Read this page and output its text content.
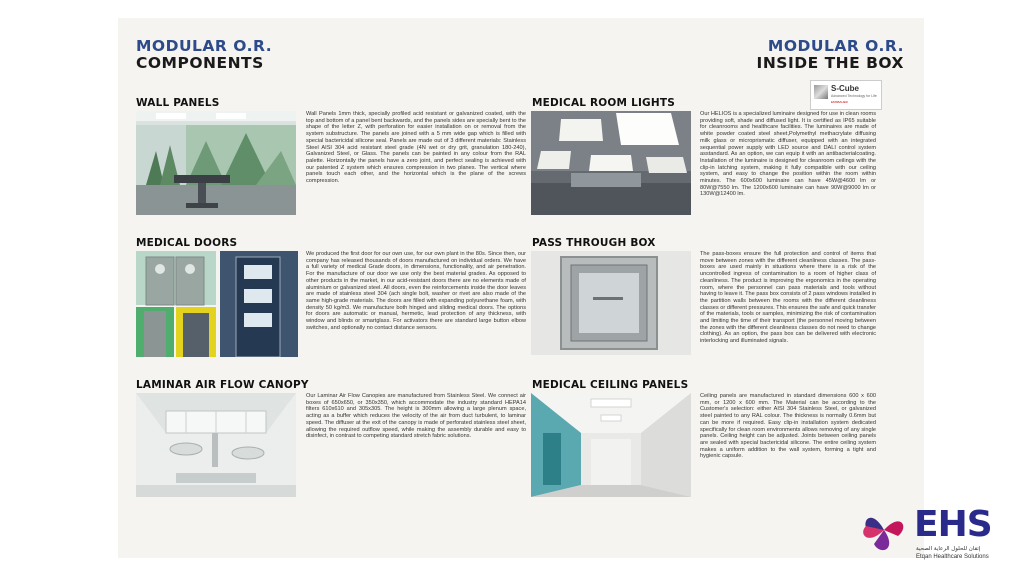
MODULAR O.R.
COMPONENTS
MODULAR O.R.
INSIDE THE BOX
S-Cube
Advanced Technology for Life
EMSBAUER
WALL PANELS
Wall Panels 1mm thick, specially profiled acid resistant or galvanized coated, with the top and bottom of a panel bent backwards, and the panels sides are specially bent to the shape of the letter Z, with perforation for easier installation on or removal from the system substructure. The panels are joined with a 5 mm wide gap which is filled with special bactericidal silicone seal. Panels are made out of 3 different materials: Stainless Steel AISI 304 acid resistant steel grade (4N wet or dry grit, granulation 180-240), Galvanized Steel, or Glass. The panels can be painted in any colour from the RAL palette. Horizontally the panels have a zero joint, and perfect sealing is achieved with our patented Z system which ensures compression in two planes. The vertical where panels touch each other, and the horizontal which is the plane of the screws compression.
MEDICAL DOORS
We produced the first door for our own use, for our own plant in the 80s. Since then, our company has released thousands of doors manufactured on individual orders. We have a full variety of medical Grade doors, in dimensions, functionality, and air penetration. For the manufacture of our door we use only the best material grades. As opposed to other products in the market, in our acid-resistant doors there are no elements made of aluminium or galvanized steel. All doors, even the reinforcements inside the door leaves are made of stainless steel 304 (ach single bolt, washer or rivet are also made of the same high-grade materials. The doors are filled with expanding polyurethane foam, with density 50 kg/m3. We manufacture both hinged and sliding medical doors. The options for doors are automatic or manual, hermetic, lead protection of any thickness, with window and blinds or smartglass. For activators there are standard large button elbow switches, and optionally no contact distance sensors.
LAMINAR AIR FLOW CANOPY
Our Laminar Air Flow Canopies are manufactured from Stainless Steel. We connect air boxes of 650x650, or 350x350, which accommodate the industry standard HEPA14 filters 610x610 and 305x305. The height is 300mm allowing a large plenum space, acting as a buffer which reduces the velocity of the air from duct turbulent, to laminar speed. The diffuser at the exit of the canopy is made of perforated stainless steel sheet, allowing the required outflow speed, while making the assembly durable and easy to disinfect, in contrast to competing standard stretch fabric solutions.
MEDICAL ROOM LIGHTS
Our HELIOS is a specialized luminaire designed for use in clean rooms providing soft, shade and diffused light. It is certified as IP65 suitable for cleanrooms and healthcare facilities. The luminaires are made of white powder coated steel sheet,Polymethyl methacrylate diffusing milk glass or microprismatic diffuser, equipped with an integrated sequential power supply with LED source and DALI control system asstandard. As an option, we can equip it with an antibacterialcoating. Installation of the luminaire is designed for cleanroom ceilings with the clip-in latching system, making it fully compatible with our ceiling system, and easy to change the position within the room within minutes. The 600x600 luminaire can have 45W@4600 lm or 80W@7550 lm. The 1200x600 luminaire can have 90W@9000 lm or 130W@12400 lm.
PASS THROUGH BOX
The pass-boxes ensure the full protection and control of items that move between zones with the different cleanliness classes. The pass-boxes are used mainly in situations where there is a risk of the uncontrolled ingress of contamination to a room of higher class of cleanliness. The product is improving the ergonomics in the operating room, where the personnel can pass materials and tools without having to leave it. The pass box consists of 2 pass windows installed in the partition walls between the rooms with the different cleanliness classes or different pressures. This ensures the safe and quick transfer of the materials, tools or samples, minimizing the risk of contamination and limiting the time of their transport (the personnel moving between the zones with the different cleanliness classes do not need to change clothing). As an option, the pass box can be delivered with electronic interlocking and illuminated signals.
MEDICAL CEILING PANELS
Ceiling panels are manufactured in standard dimensions 600 x 600 mm, or 1200 x 600 mm. The Material can be according to the Customer's selection: either AISI 304 Stainless Steel, or galvanized steel painted to any RAL colour. The thickness is normally 0.6mm but can be more if required. Easy clip-in installation system dedicated specifically for clean room environments allows removing of any single panels. Ceiling height can be adjusted. Joints between ceiling panels are sealed with special bactericidal silicone. The entire ceiling system makes a uniform addition to the wall system, forming a tight and hygienic capsule.
EHS
إتقان للحلول الرعاية الصحية
Etqan Healthcare Solutions
